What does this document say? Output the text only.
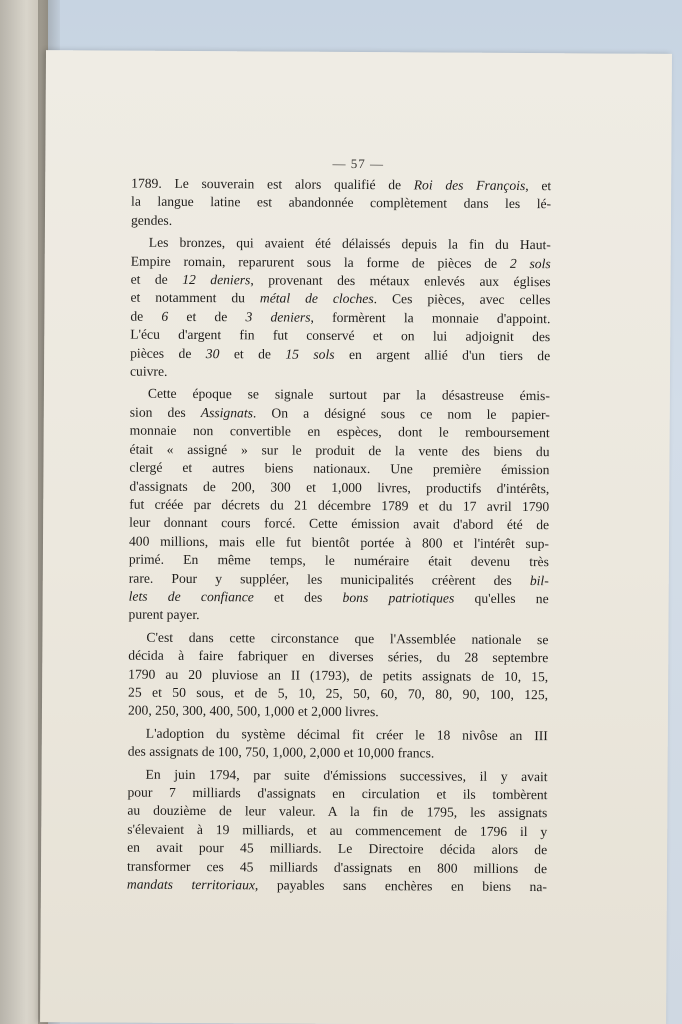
— 57 —
1789. Le souverain est alors qualifié de Roi des François, et
la langue latine est abandonnée complètement dans les lé-
gendes.
Les bronzes, qui avaient été délaissés depuis la fin du Haut-
Empire romain, reparurent sous la forme de pièces de 2 sols
et de 12 deniers, provenant des métaux enlevés aux églises
et notamment du métal de cloches. Ces pièces, avec celles
de 6 et de 3 deniers, formèrent la monnaie d'appoint.
L'écu d'argent fin fut conservé et on lui adjoignit des
pièces de 30 et de 15 sols en argent allié d'un tiers de
cuivre.
Cette époque se signale surtout par la désastreuse émis-
sion des Assignats. On a désigné sous ce nom le papier-
monnaie non convertible en espèces, dont le remboursement
était « assigné » sur le produit de la vente des biens du
clergé et autres biens nationaux. Une première émission
d'assignats de 200, 300 et 1,000 livres, productifs d'intérêts,
fut créée par décrets du 21 décembre 1789 et du 17 avril 1790
leur donnant cours forcé. Cette émission avait d'abord été de
400 millions, mais elle fut bientôt portée à 800 et l'intérêt sup-
primé. En même temps, le numéraire était devenu très
rare. Pour y suppléer, les municipalités créèrent des bil-
lets de confiance et des bons patriotiques qu'elles ne
purent payer.
C'est dans cette circonstance que l'Assemblée nationale se
décida à faire fabriquer en diverses séries, du 28 septembre
1790 au 20 pluviose an II (1793), de petits assignats de 10, 15,
25 et 50 sous, et de 5, 10, 25, 50, 60, 70, 80, 90, 100, 125,
200, 250, 300, 400, 500, 1,000 et 2,000 livres.
L'adoption du système décimal fit créer le 18 nivôse an III
des assignats de 100, 750, 1,000, 2,000 et 10,000 francs.
En juin 1794, par suite d'émissions successives, il y avait
pour 7 milliards d'assignats en circulation et ils tombèrent
au douzième de leur valeur. A la fin de 1795, les assignats
s'élevaient à 19 milliards, et au commencement de 1796 il y
en avait pour 45 milliards. Le Directoire décida alors de
transformer ces 45 milliards d'assignats en 800 millions de
mandats territoriaux, payables sans enchères en biens na-
